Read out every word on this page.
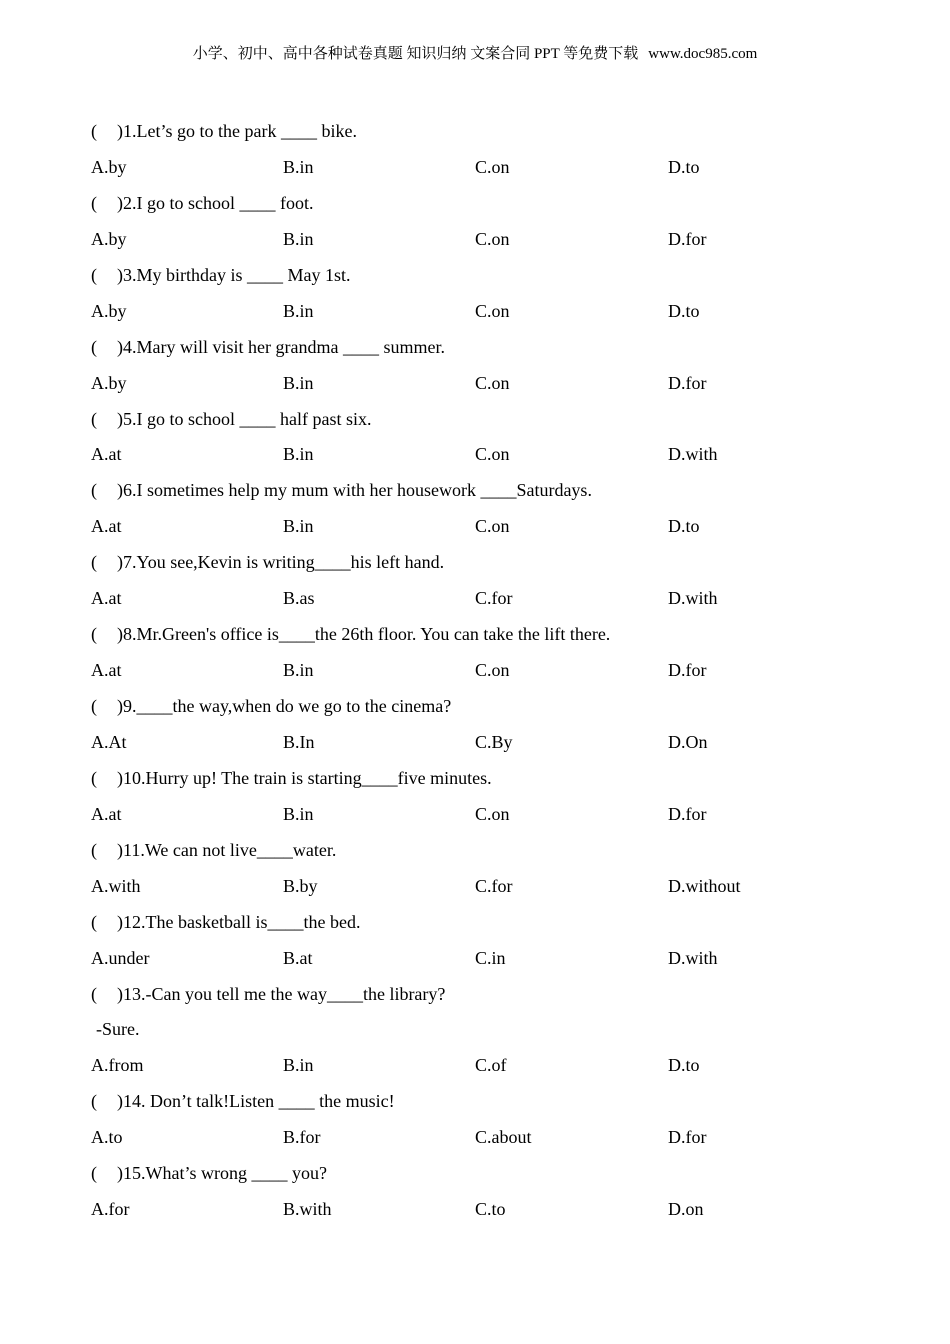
小学、初中、高中各种试卷真题 知识归纳 文案合同 PPT 等免费下载 www.doc985.com
( )1.Let’s go to the park ____ bike.
A.by	B.in	C.on	D.to
( )2.I go to school ____ foot.
A.by	B.in	C.on	D.for
( )3.My birthday is ____ May 1st.
A.by	B.in	C.on	D.to
( )4.Mary will visit her grandma ____ summer.
A.by	B.in	C.on	D.for
( )5.I go to school ____ half past six.
A.at	B.in	C.on	D.with
( )6.I sometimes help my mum with her housework ____Saturdays.
A.at	B.in	C.on	D.to
( )7.You see,Kevin is writing____his left hand.
A.at	B.as	C.for	D.with
( )8.Mr.Green's office is____the 26th floor. You can take the lift there.
A.at	B.in	C.on	D.for
( )9.____the way,when do we go to the cinema?
A.At	B.In	C.By	D.On
( )10.Hurry up! The train is starting____five minutes.
A.at	B.in	C.on	D.for
( )11.We can not live____water.
A.with	B.by	C.for	D.without
( )12.The basketball is____the bed.
A.under	B.at	C.in	D.with
( )13.-Can you tell me the way____the library?
-Sure.
A.from	B.in	C.of	D.to
( )14. Don’t talk!Listen ____ the music!
A.to	B.for	C.about	D.for
( )15.What’s wrong ____ you?
A.for	B.with	C.to	D.on
